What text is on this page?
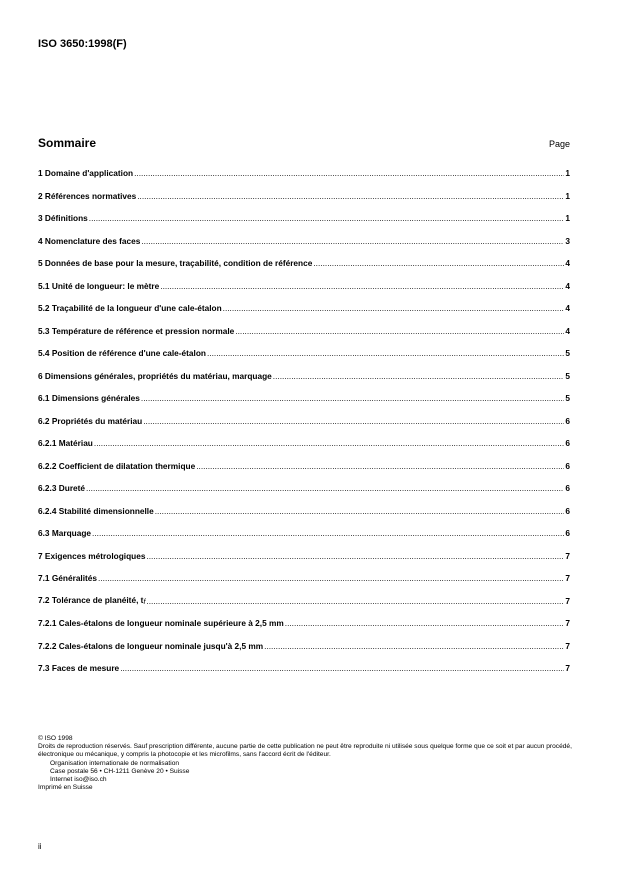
ISO 3650:1998(F)
Sommaire	Page
1 Domaine d'application .....	1
2 Références normatives .....	1
3 Définitions .....	1
4 Nomenclature des faces .....	3
5 Données de base pour la mesure, traçabilité, condition de référence .....	4
5.1 Unité de longueur: le mètre .....	4
5.2 Traçabilité de la longueur d'une cale-étalon .....	4
5.3 Température de référence et pression normale .....	4
5.4 Position de référence d'une cale-étalon .....	5
6 Dimensions générales, propriétés du matériau, marquage .....	5
6.1 Dimensions générales .....	5
6.2 Propriétés du matériau .....	6
6.2.1 Matériau .....	6
6.2.2 Coefficient de dilatation thermique .....	6
6.2.3 Dureté .....	6
6.2.4 Stabilité dimensionnelle .....	6
6.3 Marquage .....	6
7 Exigences métrologiques .....	7
7.1 Généralités .....	7
7.2 Tolérance de planéité, tf .....	7
7.2.1 Cales-étalons de longueur nominale supérieure à 2,5 mm .....	7
7.2.2 Cales-étalons de longueur nominale jusqu'à 2,5 mm .....	7
7.3 Faces de mesure .....	7
© ISO 1998
Droits de reproduction réservés. Sauf prescription différente, aucune partie de cette publication ne peut être reproduite ni utilisée sous quelque forme que ce soit et par aucun procédé, électronique ou mécanique, y compris la photocopie et les microfilms, sans l'accord écrit de l'éditeur.
Organisation internationale de normalisation
Case postale 56 • CH-1211 Genève 20 • Suisse
Internet iso@iso.ch
Imprimé en Suisse
ii
